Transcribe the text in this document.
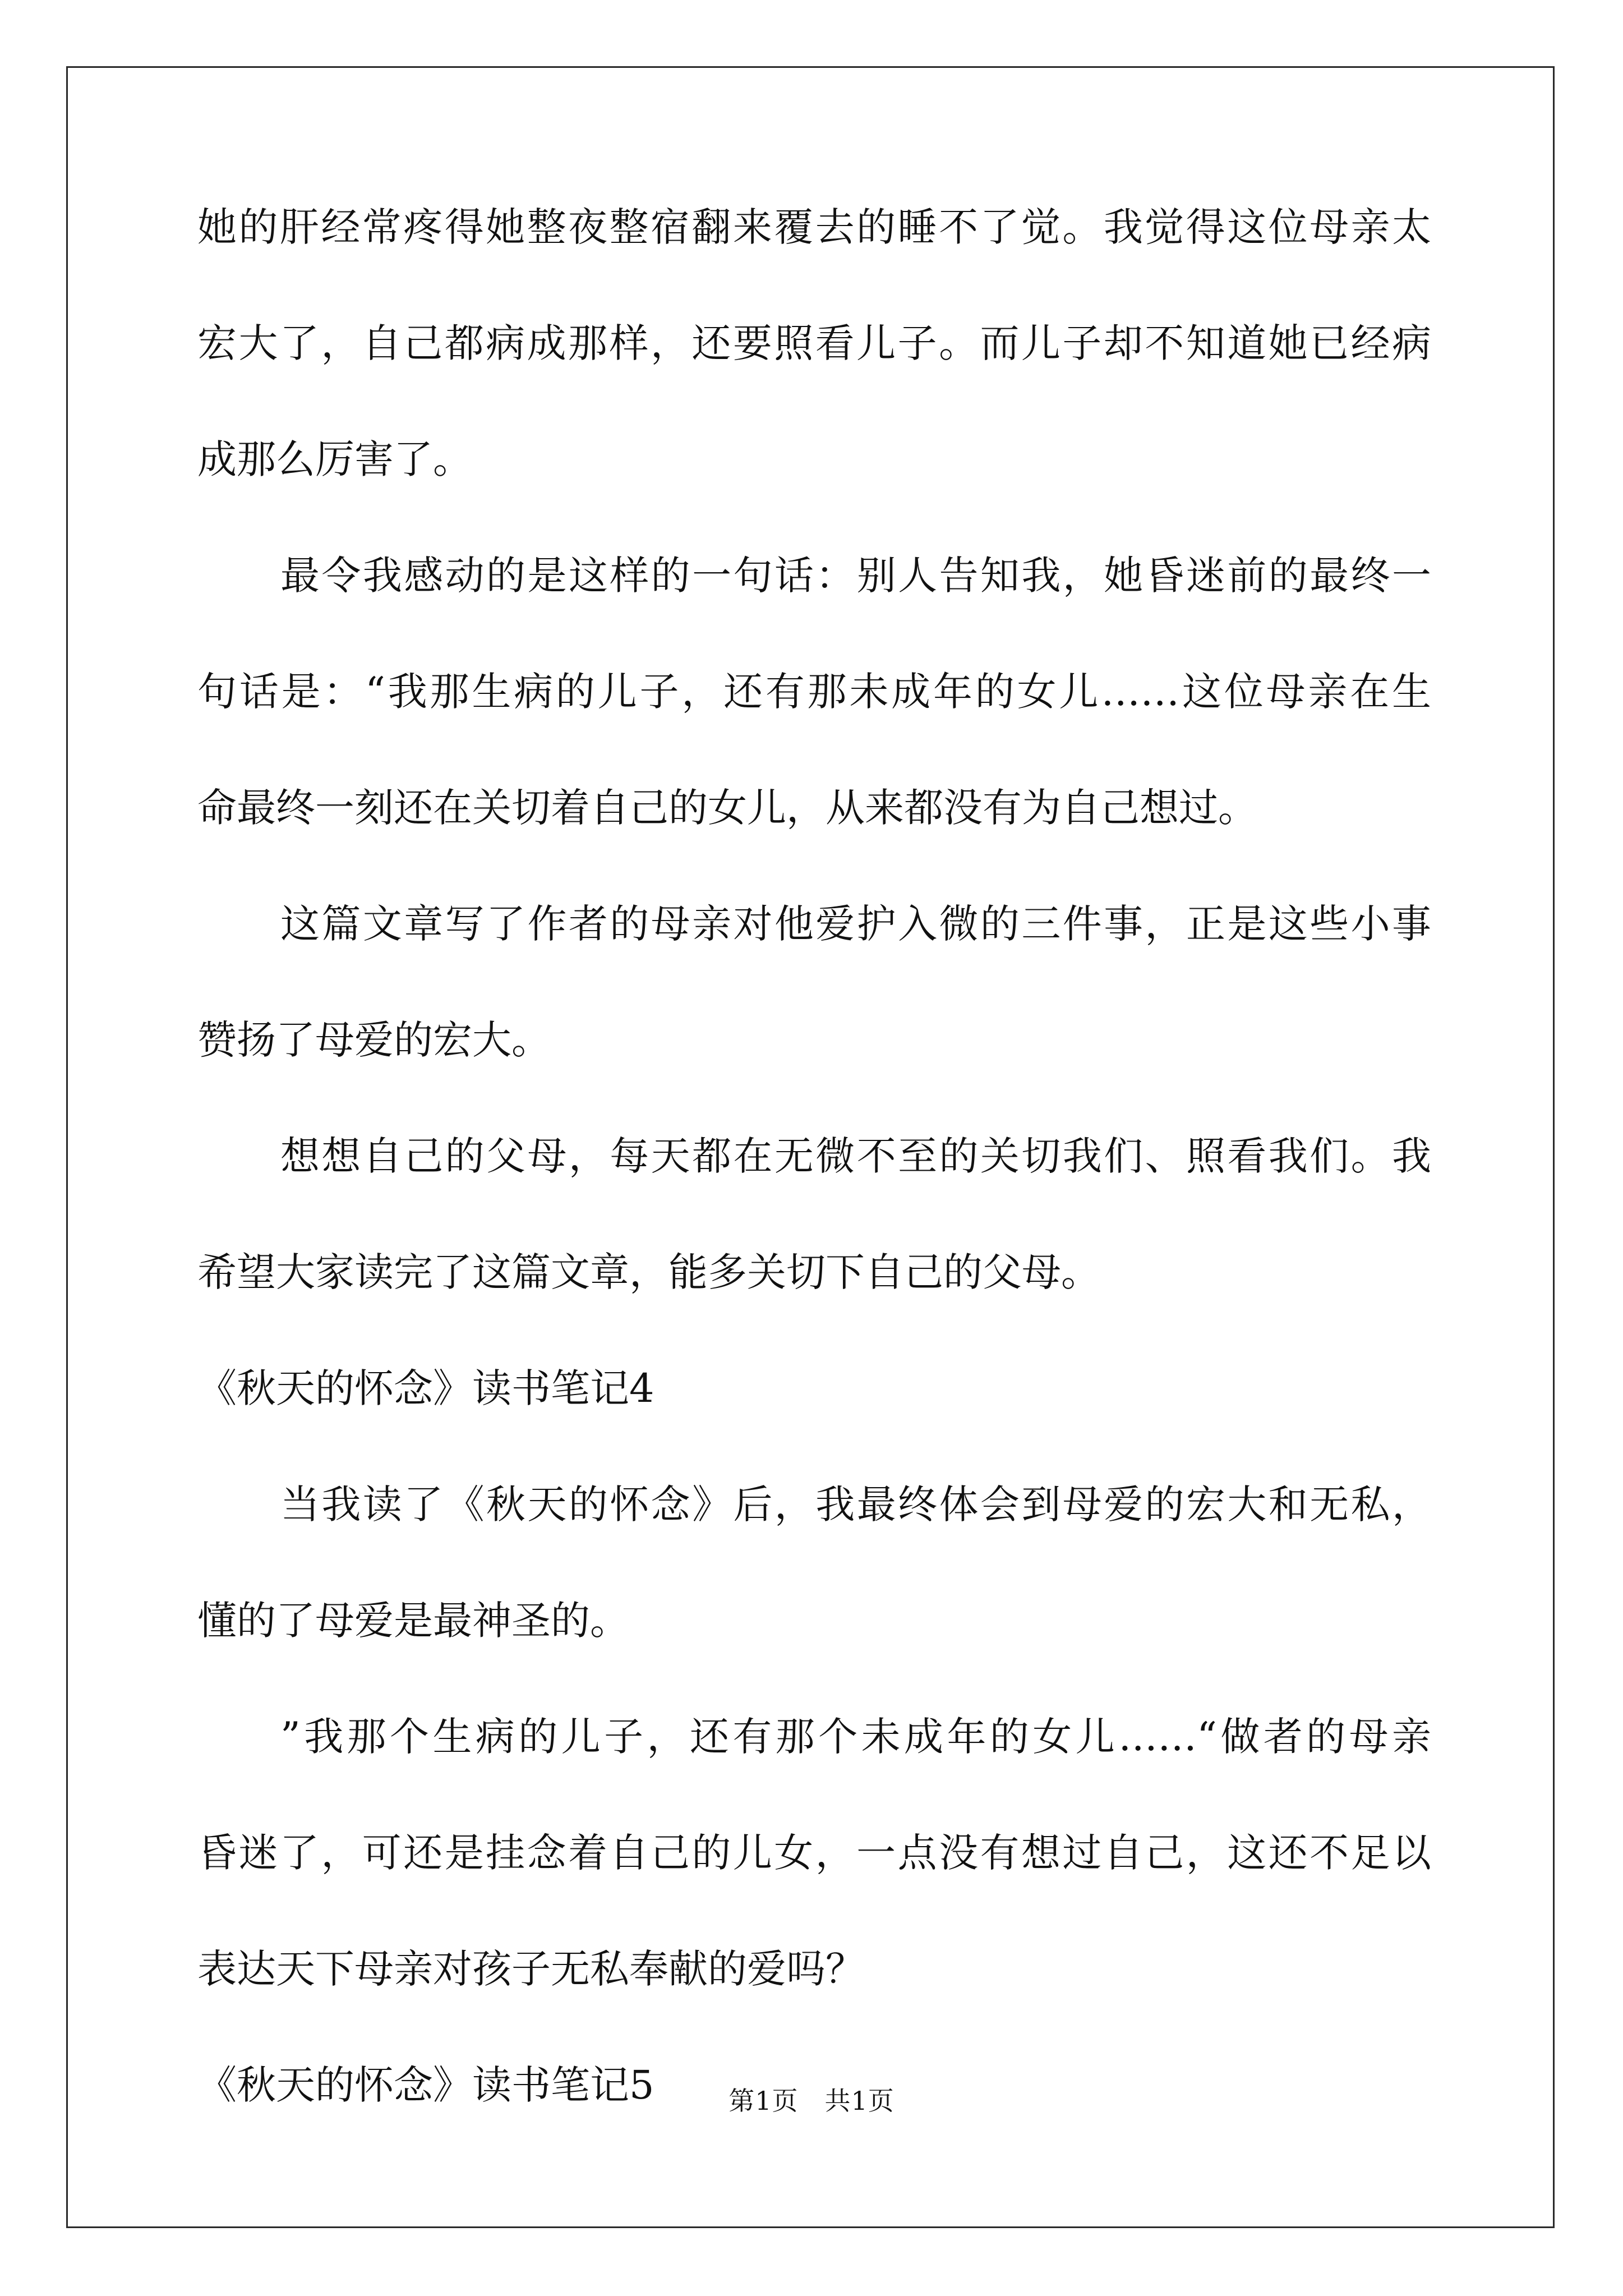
她的肝经常疼得她整夜整宿翻来覆去的睡不了觉。我觉得这位母亲太
宏大了，自己都病成那样，还要照看儿子。而儿子却不知道她已经病
成那么厉害了。
最令我感动的是这样的一句话：别人告知我，她昏迷前的最终一
句话是：“我那生病的儿子，还有那未成年的女儿……这位母亲在生
命最终一刻还在关切着自己的女儿，从来都没有为自己想过。
这篇文章写了作者的母亲对他爱护入微的三件事，正是这些小事
赞扬了母爱的宏大。
想想自己的父母，每天都在无微不至的关切我们、照看我们。我
希望大家读完了这篇文章，能多关切下自己的父母。
《秋天的怀念》读书笔记4
当我读了《秋天的怀念》后，我最终体会到母爱的宏大和无私，
懂的了母爱是最神圣的。
”我那个生病的儿子，还有那个未成年的女儿……“做者的母亲
昏迷了，可还是挂念着自己的儿女，一点没有想过自己，这还不足以
表达天下母亲对孩子无私奉献的爱吗？
《秋天的怀念》读书笔记5	第1页　共1页
